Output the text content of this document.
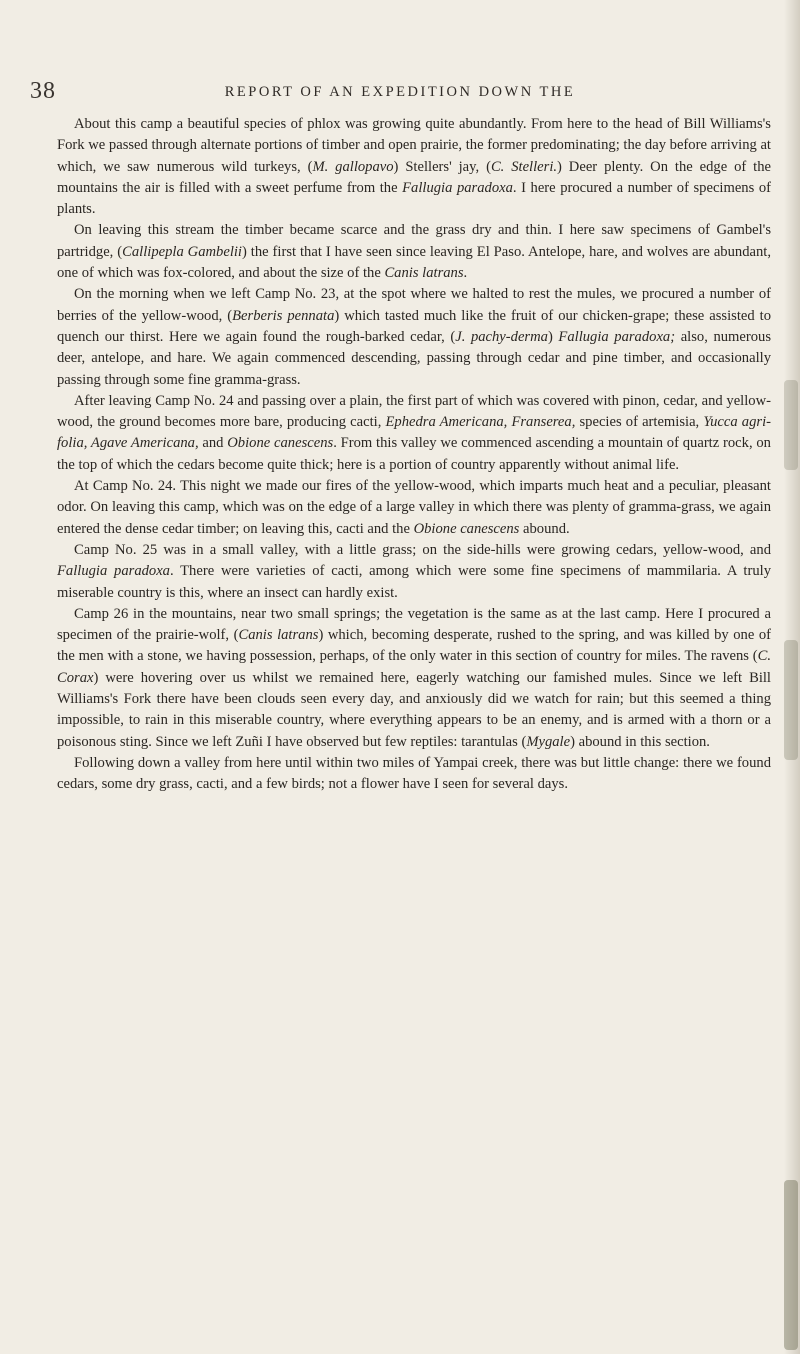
38	REPORT OF AN EXPEDITION DOWN THE

About this camp a beautiful species of phlox was growing quite abundantly. From here to the head of Bill Williams's Fork we passed through alternate portions of timber and open prairie, the former predominating; the day before arriving at which, we saw numerous wild turkeys, (M. gallopavo) Stellers' jay, (C. Stelleri.) Deer plenty. On the edge of the mountains the air is filled with a sweet perfume from the Fallugia paradoxa. I here procured a number of specimens of plants.

On leaving this stream the timber became scarce and the grass dry and thin. I here saw specimens of Gambel's partridge, (Callipepla Gambelii) the first that I have seen since leaving El Paso. Antelope, hare, and wolves are abundant, one of which was fox-colored, and about the size of the Canis latrans.

On the morning when we left Camp No. 23, at the spot where we halted to rest the mules, we procured a number of berries of the yellow-wood, (Berberis pennata) which tasted much like the fruit of our chicken-grape; these assisted to quench our thirst. Here we again found the rough-barked cedar, (J. pachy-derma) Fallugia paradoxa; also, numerous deer, antelope, and hare. We again commenced descending, passing through cedar and pine timber, and occasionally passing through some fine gramma-grass.

After leaving Camp No. 24 and passing over a plain, the first part of which was covered with pinon, cedar, and yellow-wood, the ground becomes more bare, producing cacti, Ephedra Americana, Franserea, species of artemisia, Yucca agri-folia, Agave Americana, and Obione canescens. From this valley we commenced ascending a mountain of quartz rock, on the top of which the cedars become quite thick; here is a portion of country apparently without animal life.

At Camp No. 24. This night we made our fires of the yellow-wood, which imparts much heat and a peculiar, pleasant odor. On leaving this camp, which was on the edge of a large valley in which there was plenty of gramma-grass, we again entered the dense cedar timber; on leaving this, cacti and the Obione canescens abound.

Camp No. 25 was in a small valley, with a little grass; on the side-hills were growing cedars, yellow-wood, and Fallugia paradoxa. There were varieties of cacti, among which were some fine specimens of mammilaria. A truly miserable country is this, where an insect can hardly exist.

Camp 26 in the mountains, near two small springs; the vegetation is the same as at the last camp. Here I procured a specimen of the prairie-wolf, (Canis latrans) which, becoming desperate, rushed to the spring, and was killed by one of the men with a stone, we having possession, perhaps, of the only water in this section of country for miles. The ravens (C. Corax) were hovering over us whilst we remained here, eagerly watching our famished mules. Since we left Bill Williams's Fork there have been clouds seen every day, and anxiously did we watch for rain; but this seemed a thing impossible, to rain in this miserable country, where everything appears to be an enemy, and is armed with a thorn or a poisonous sting. Since we left Zuñi I have observed but few reptiles: tarantulas (Mygale) abound in this section.

Following down a valley from here until within two miles of Yampai creek, there was but little change: there we found cedars, some dry grass, cacti, and a few birds; not a flower have I seen for several days.
